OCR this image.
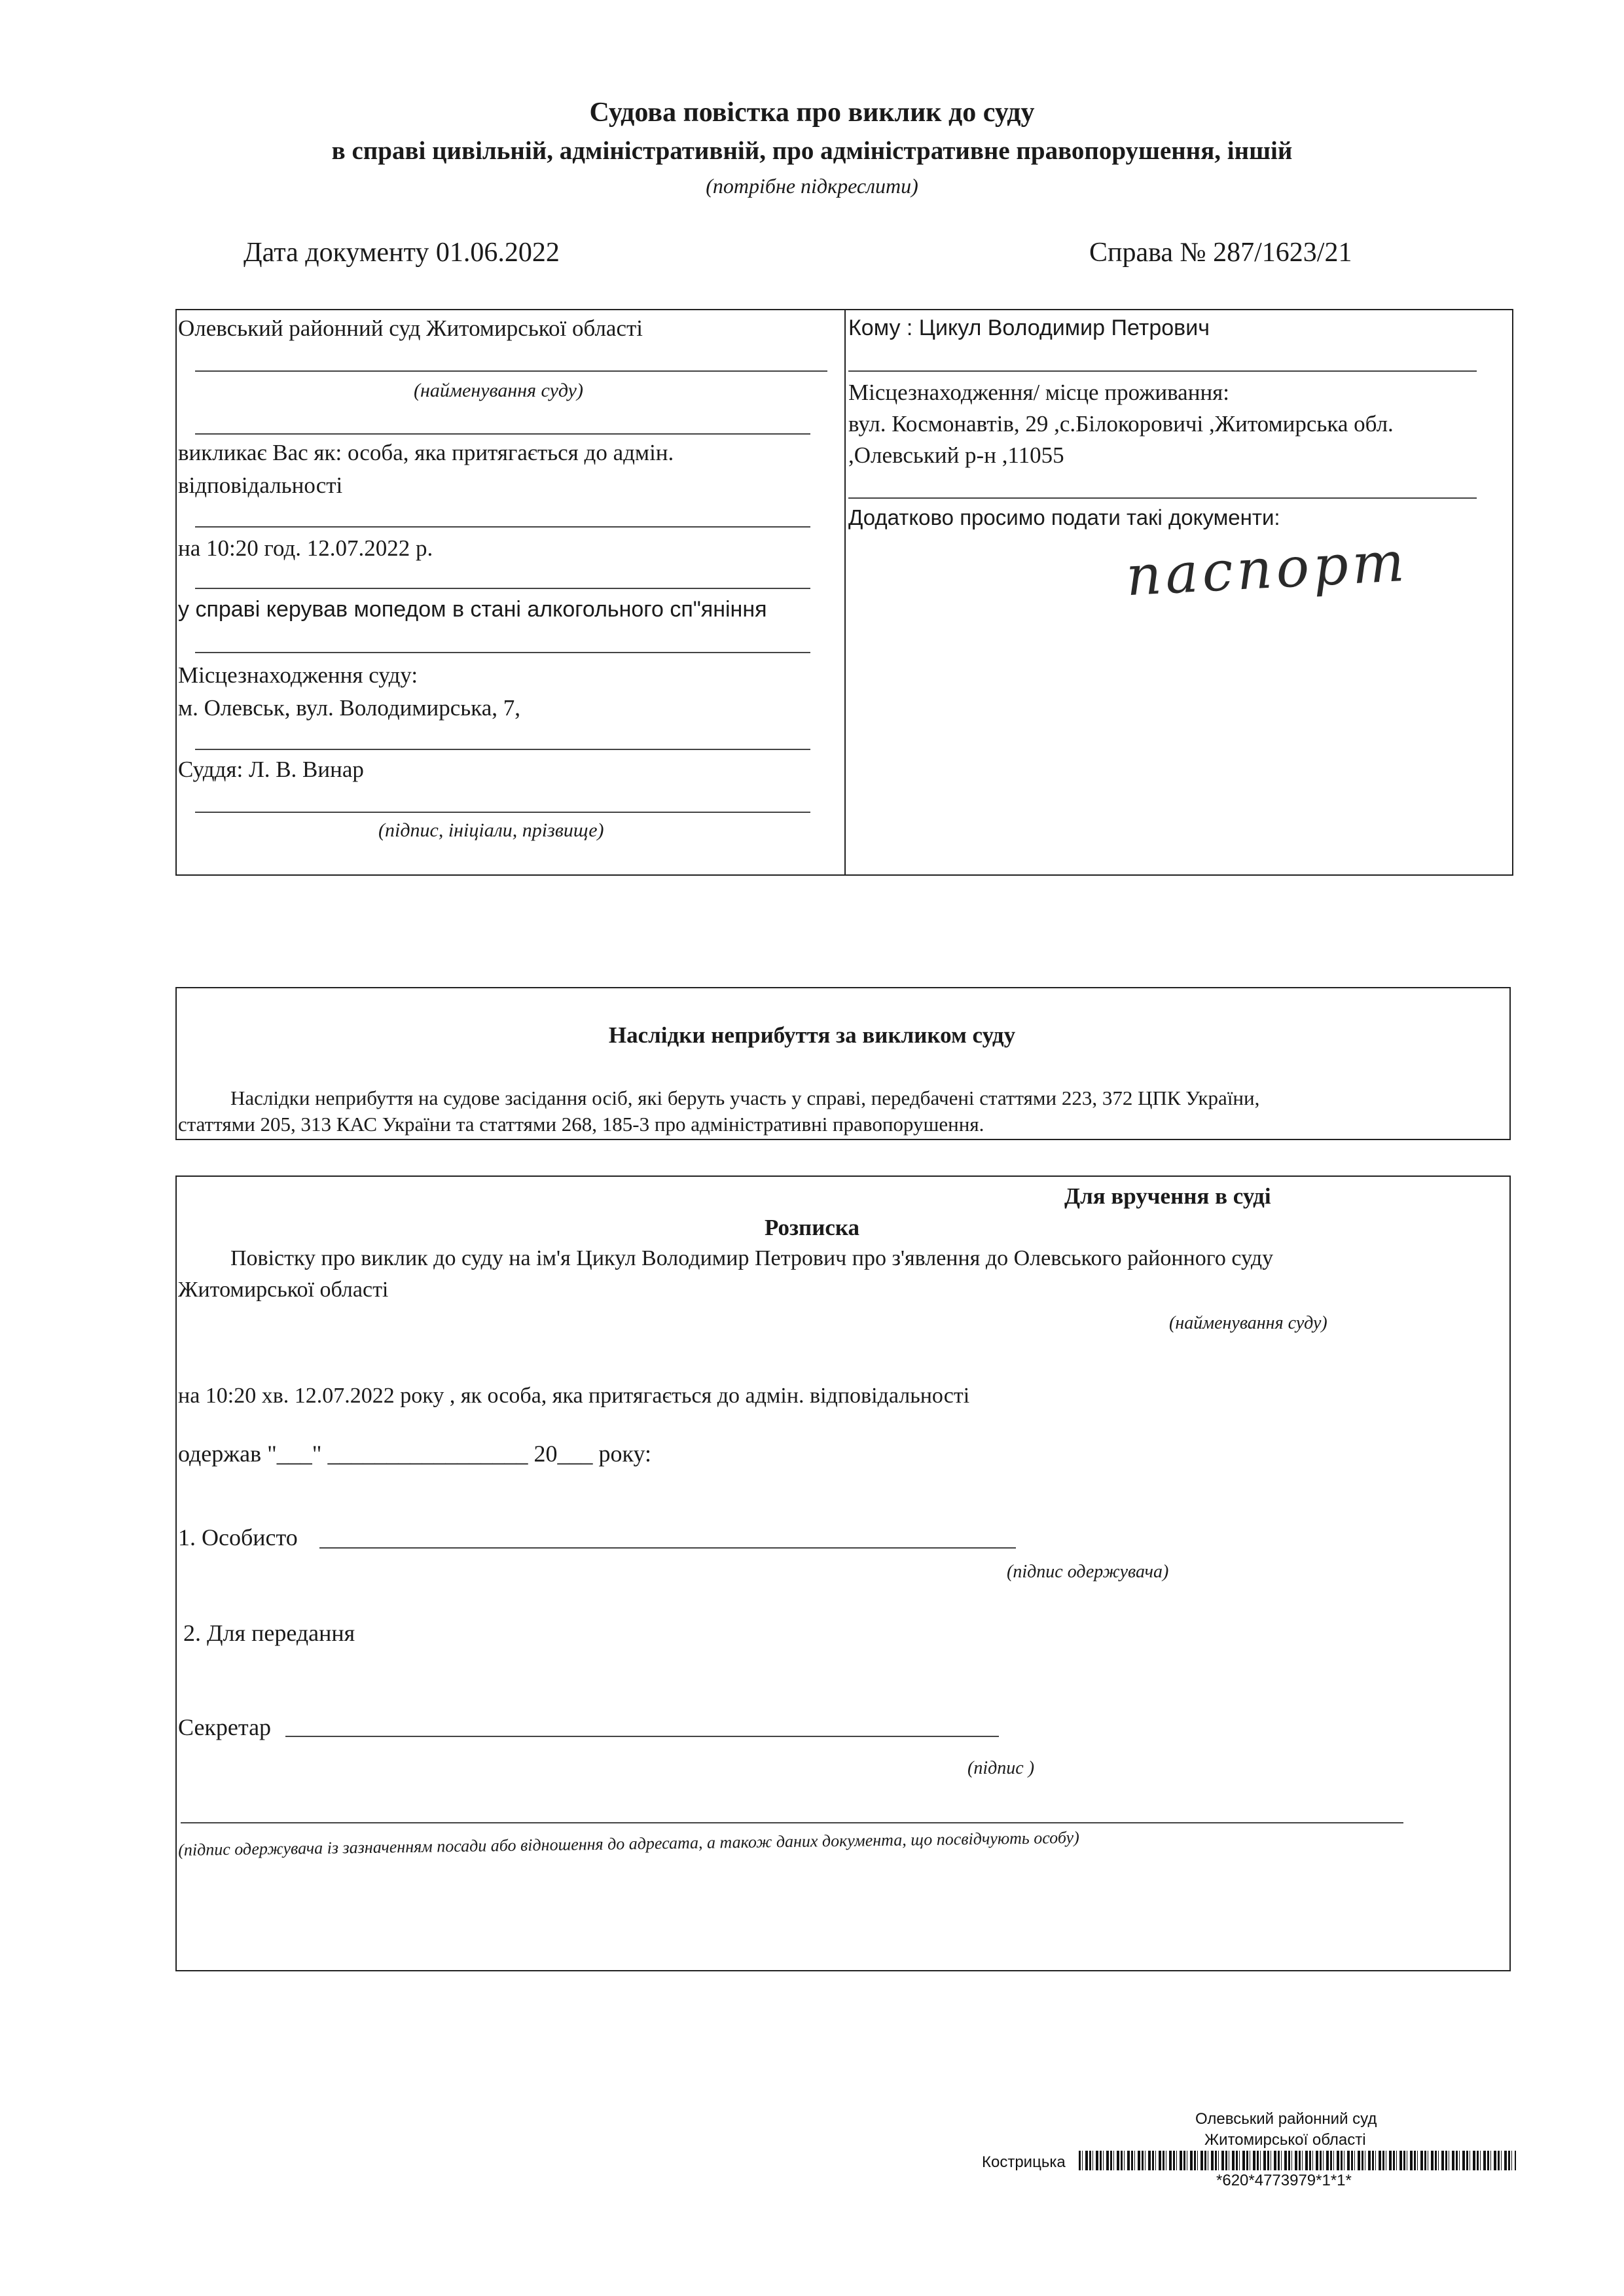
Судова повістка про виклик до суду
в справі цивільній, адміністративній, про адміністративне правопорушення, іншій
(потрібне підкреслити)
Дата документу 01.06.2022	Справа № 287/1623/21
Олевський районний суд Житомирської області
(найменування суду)
викликає Вас як: особа, яка притягається до адмін.
відповідальності
на 10:20 год. 12.07.2022 р.
у справі керував мопедом в стані алкогольного сп"яніння
Місцезнаходження суду:
м. Олевськ, вул. Володимирська, 7,
Суддя: Л. В. Винар
(підпис, ініціали, прізвище)
Кому : Цикул Володимир Петрович
Місцезнаходження/ місце проживання:
вул. Космонавтів, 29 ,с.Білокоровичі ,Житомирська обл.
,Олевський р-н ,11055
Додатково просимо подати такі документи:
паспорт
Наслідки неприбуття за викликом суду
Наслідки неприбуття на судове засідання осіб, які беруть участь у справі, передбачені статтями 223, 372 ЦПК України,
статтями 205, 313 КАС України та статтями 268, 185-3 про адміністративні правопорушення.
Для вручення в суді
Розписка
Повістку про виклик до суду на ім'я Цикул Володимир Петрович про з'явлення до Олевського районного суду
Житомирської області
(найменування суду)
на 10:20 хв. 12.07.2022 року , як особа, яка притягається до адмін. відповідальності
одержав "___" _________________ 20___ року:
1. Особисто
(підпис одержувача)
2. Для передання
Секретар
(підпис )
(підпис одержувача із зазначенням посади або відношення до адресата, а також даних документа, що посвідчують особу)
Олевський районний суд
Житомирської області
Кострицька
*620*4773979*1*1*
